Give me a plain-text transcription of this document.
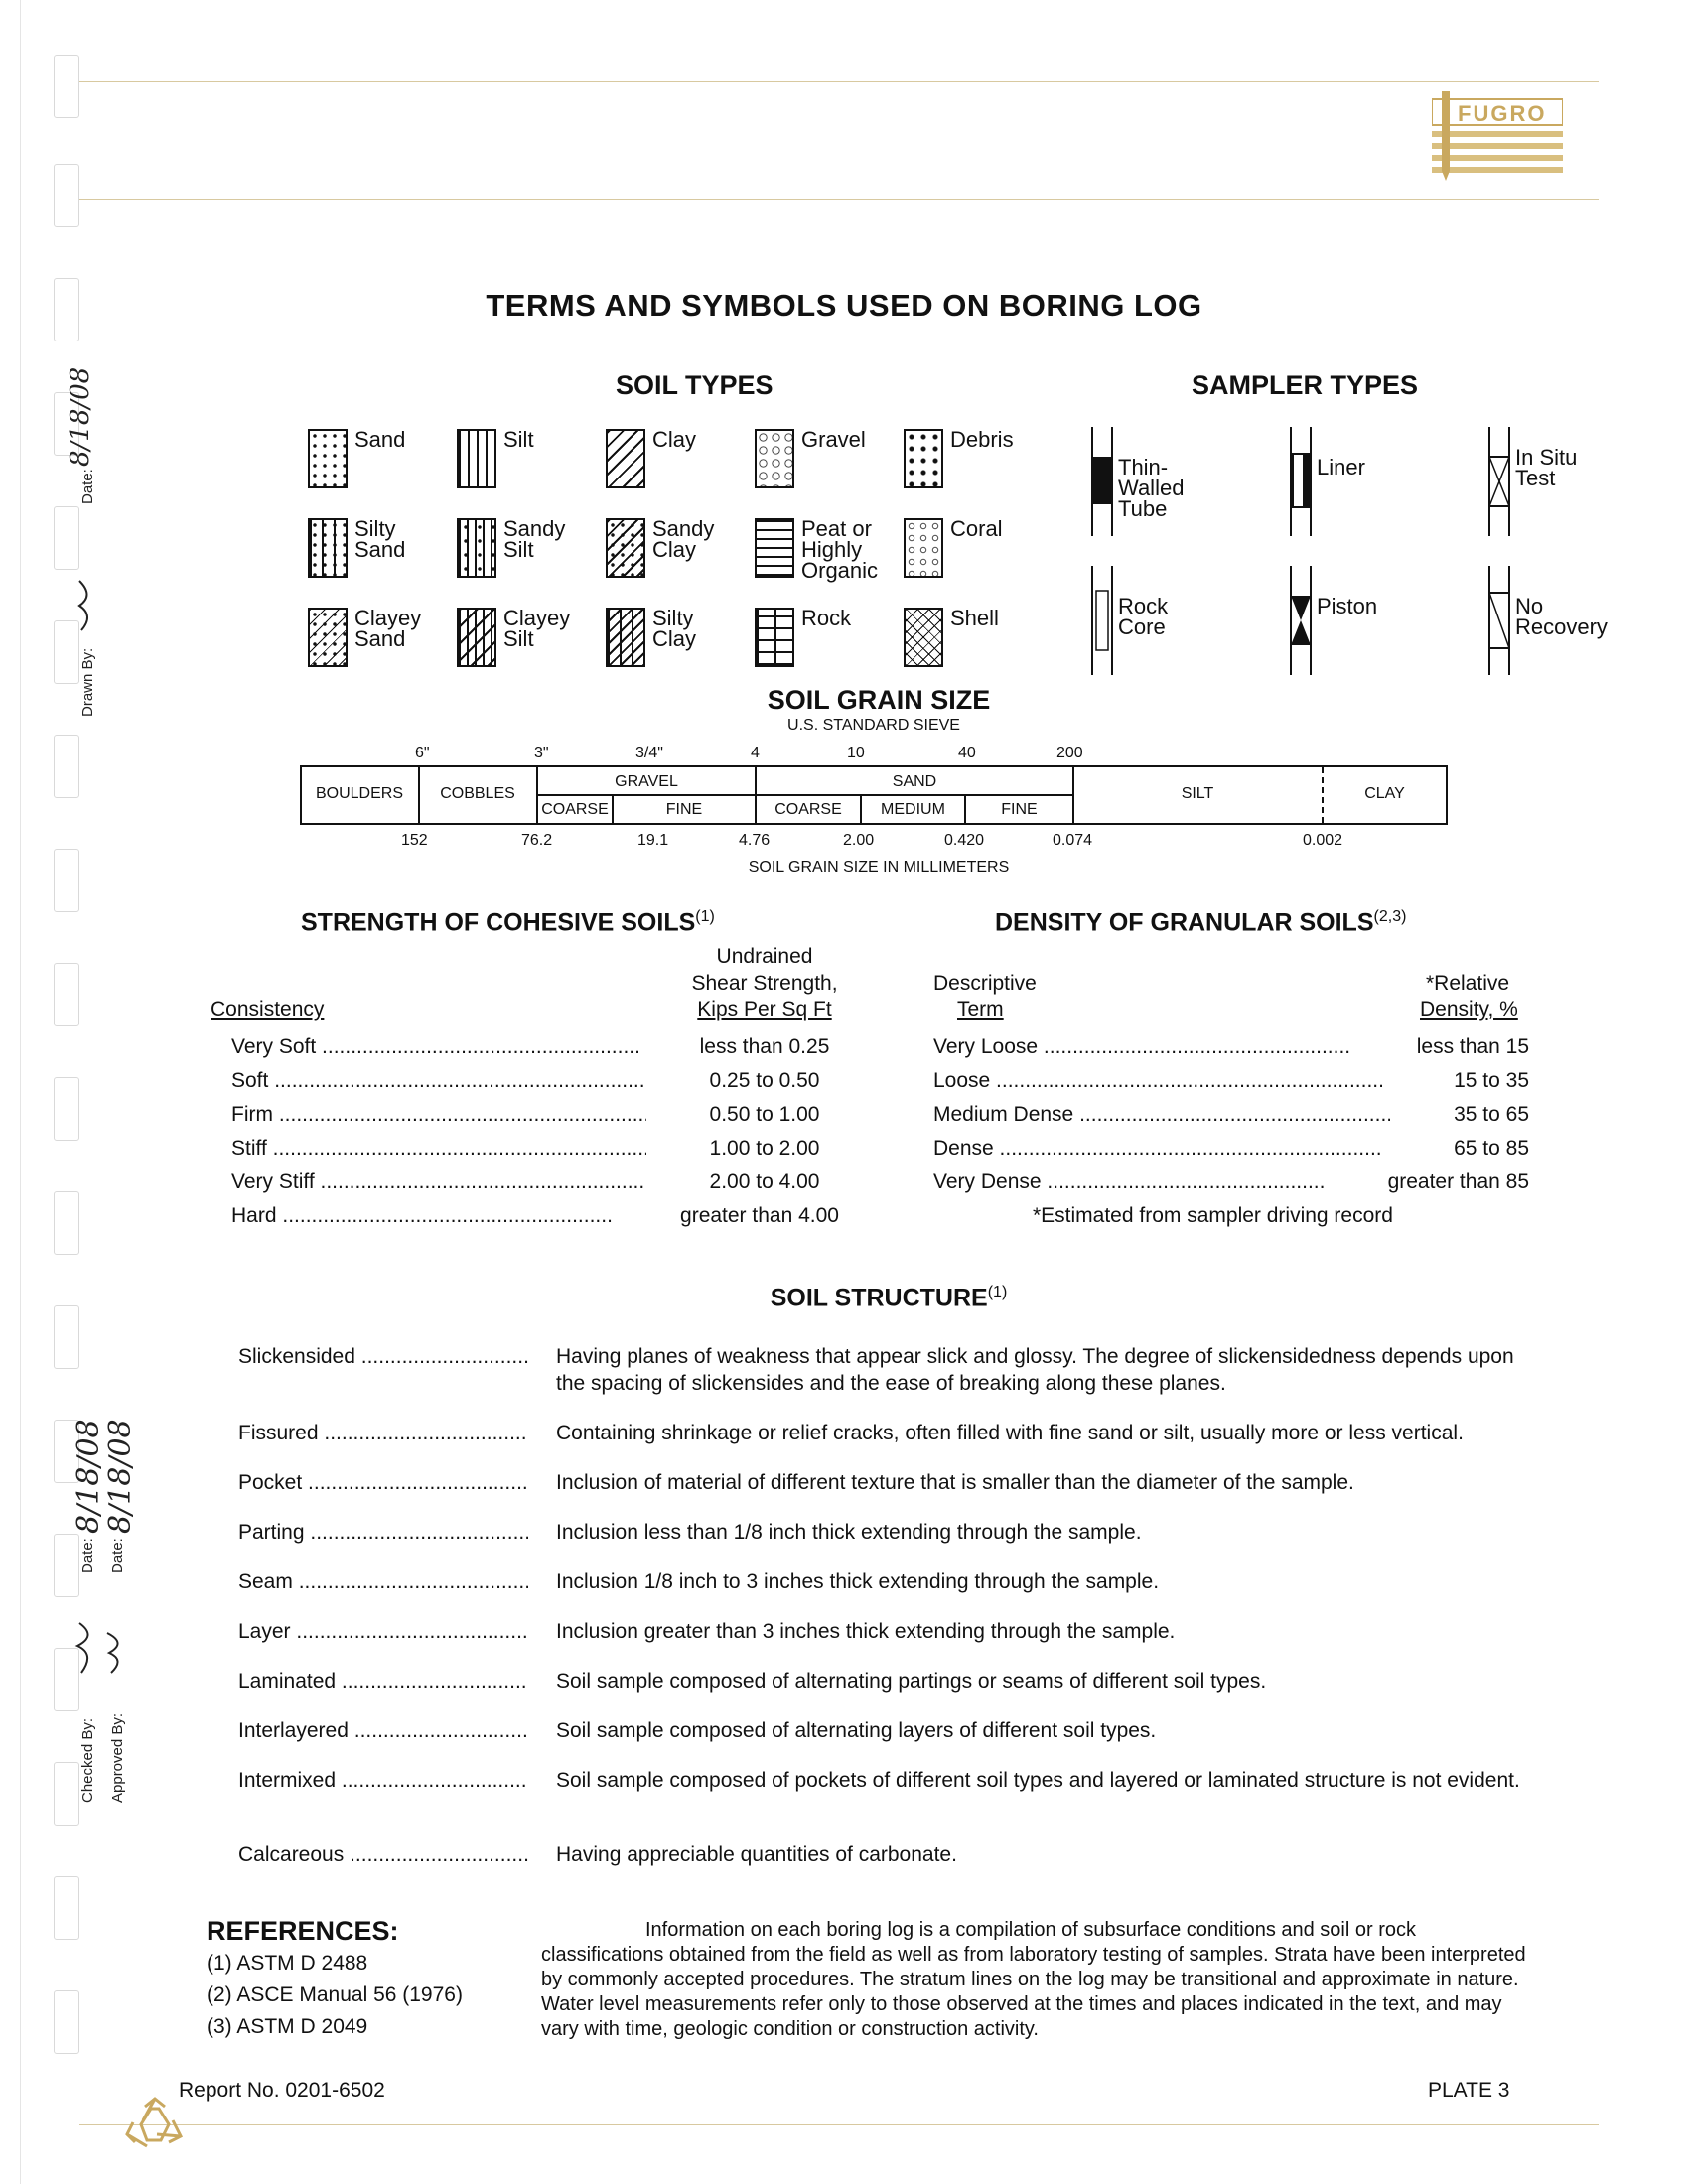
FUGRO
TERMS AND SYMBOLS USED ON BORING LOG
SOIL TYPES	SAMPLER TYPES
Sand	Silt	Clay	Gravel	Debris
Silty Sand
Sandy Silt
Sandy Clay
Peat or Highly Organic
Coral
Clayey Sand
Clayey Silt
Silty Clay
Rock	Shell
Thin- Walled Tube
Liner	In Situ Test
Rock Core
Piston	No Recovery
SOIL GRAIN SIZE
U.S. STANDARD SIEVE
6"	3"	3/4"	4	10	40	200
BOULDERS	COBBLES
GRAVEL	SAND
COARSE	FINE	COARSE	MEDIUM	FINE
SILT	CLAY
152	76.2	19.1	4.76	2.00	0.420	0.074	0.002
SOIL GRAIN SIZE IN MILLIMETERS
STRENGTH OF COHESIVE SOILS$^{(1)}$
Consistency
Undrained
Shear Strength,
Kips Per Sq Ft
Very Soft .....	less than 0.25
Soft .....	0.25 to 0.50
Firm .....	0.50 to 1.00
Stiff .....	1.00 to 2.00
Very Stiff .....	2.00 to 4.00
Hard .....	greater than 4.00
DENSITY OF GRANULAR SOILS$^{(2,3)}$
Descriptive
Term
*Relative
Density, %
Very Loose .....	less than 15
Loose .....	15 to 35
Medium Dense .....	35 to 65
Dense .....	65 to 85
Very Dense .....	greater than 85
*Estimated from sampler driving record
SOIL STRUCTURE$^{(1)}$
Slickensided .....	Having planes of weakness that appear slick and glossy. The degree of slickensidedness depends upon the spacing of slickensides and the ease of breaking along these planes.
Fissured .....	Containing shrinkage or relief cracks, often filled with fine sand or silt, usually more or less vertical.
Pocket .....	Inclusion of material of different texture that is smaller than the diameter of the sample.
Parting .....	Inclusion less than 1/8 inch thick extending through the sample.
Seam .....	Inclusion 1/8 inch to 3 inches thick extending through the sample.
Layer .....	Inclusion greater than 3 inches thick extending through the sample.
Laminated .....	Soil sample composed of alternating partings or seams of different soil types.
Interlayered .....	Soil sample composed of alternating layers of different soil types.
Intermixed .....	Soil sample composed of pockets of different soil types and layered or laminated structure is not evident.
Calcareous .....	Having appreciable quantities of carbonate.
REFERENCES:
(1) ASTM D 2488
(2) ASCE Manual 56 (1976)
(3) ASTM D 2049
Information on each boring log is a compilation of subsurface conditions and soil or rock classifications obtained from the field as well as from laboratory testing of samples. Strata have been interpreted by commonly accepted procedures. The stratum lines on the log may be transitional and approximate in nature. Water level measurements refer only to those observed at the times and places indicated in the text, and may vary with time, geologic condition or construction activity.
Report No. 0201-6502	PLATE 3
Date:
Drawn By:
Date: Date:
Checked By: Approved By:
8/18/08
8/18/08
8/18/08
